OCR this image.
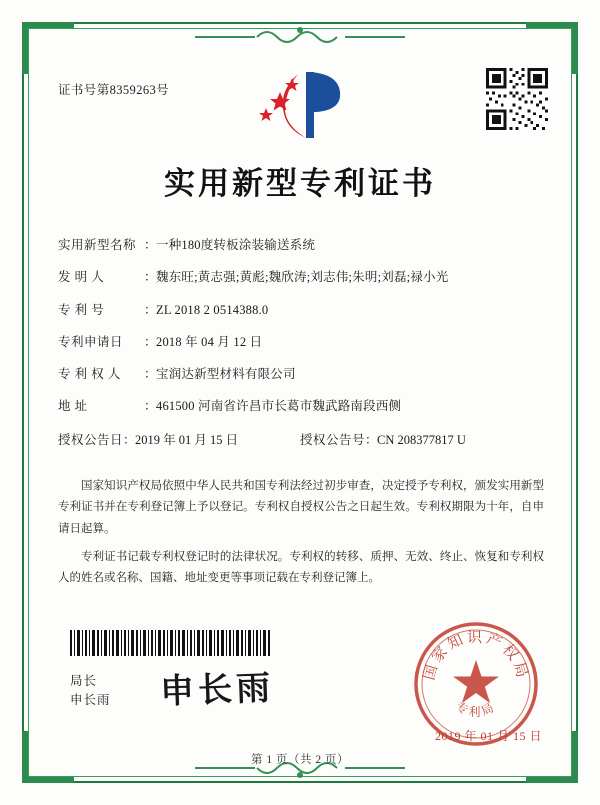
证书号第8359263号
实用新型专利证书
实用新型名称 ： 一种180度转板涂装输送系统
发 明 人	： 魏东旺;黄志强;黄彪;魏欣涛;刘志伟;朱明;刘磊;禄小光
专 利 号	： ZL 2018 2 0514388.0
专利申请日	： 2018 年 04 月 12 日
专 利 权 人	： 宝润达新型材料有限公司
地 址	： 461500 河南省许昌市长葛市魏武路南段西侧
授权公告日 ： 2019 年 01 月 15 日	授权公告号 ： CN 208377817 U

国家知识产权局依照中华人民共和国专利法经过初步审查，决定授予专利权，颁发实用新型专利证书并在专利登记簿上予以登记。专利权自授权公告之日起生效。专利权期限为十年，自申请日起算。

专利证书记载专利权登记时的法律状况。专利权的转移、质押、无效、终止、恢复和专利权人的姓名或名称、国籍、地址变更等事项记载在专利登记簿上。

局长
申长雨 申长雨	国家知识产权局
专利局
2019 年 01 月 15 日
第 1 页（共 2 页）
